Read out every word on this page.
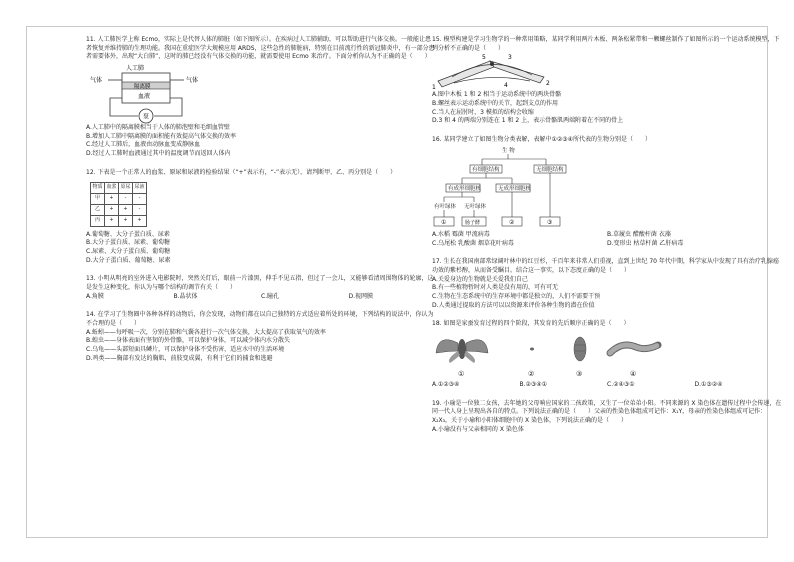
11. 人工肺医学上称 Ecmo，实际上是代替人体的肺脏（如下图所示）。在疾病过人工肺辅助，可以帮助进行气体交换。一般能让患者恢复并维持肺的生理功能。我国在重症医学大规模应用 ARDS，这些急性的肺脏病，特别在目前流行性的新冠肺炎中，有一部分患者需要体外，出现“大白肺”，这时的肺已经没有气体交换的功能，就需要使用 Ecmo 来治疗。下面分析你认为不正确的是（　　）

人工肺
气体	气体
隔离膜
血液
泵

A.人工肺中的隔离膜相当于人体的肺泡壁和毛细血管壁

B.增加人工肺中隔离膜的面积能有效提高气体交换的效率

C.经过人工肺后，血液由动脉血变成静脉血

D.经过人工肺时血液通过其中的温度调节而返回人体内

12. 下表是一个正常人的血浆、原尿和尿液的检验结果（“+”表示有，“-”表示无），请判断甲、乙、丙分别是（　　）

物质	血浆	原尿	尿液
甲	+	-	-
乙	+	+	-
丙	+	+	+

A.葡萄糖、大分子蛋白质、尿素

B.大分子蛋白质、尿素、葡萄糖

C.尿素、大分子蛋白质、葡萄糖

D.大分子蛋白质、葡萄糖、尿素

13. 小明从明亮的室外进入电影院时，突然关灯后，眼前一片漆黑，伸手不见五指，但过了一会儿，又能够看清周围物体的轮廓，这是发生这种变化，你认为与哪个结构的调节有关（　　）

A.角膜	B.晶状体	C.瞳孔	D.视网膜

14. 在学习了生物圈中各种各样的动物后，你会发现，动物们都在以自己独特的方式适应着所处的环境，下列结构的说法中，你认为不合理的是（　　）

A.蚯蚓——每呼吸一次，分别在肺和气囊各进行一次气体交换，大大提高了获取氧气的效率

B.蝗虫——身体表面有坚韧的外骨骼，可以保护身体，可以减少体内水分散失

C.乌龟——头部短面具鳞片，可以保护身体不受伤害，适应水中的生活环境

D.鸡类——胸部有发达的胸肌，前肢变成翼，有利于它们的捕食和逃避

15. 模型构建是学习生物学的一种常用策略，某同学利用两片木板、两条松紧带和一颗螺丝制作了如图所示的一个运动系统模型，下列分析不正确的是（　　）

1
2
3
4
5

A.图中木板 1 和 2 相当于运动系统中的两块骨骼

B.螺丝表示运动系统中的关节，起到支点的作用

C.当人在屈肘时，3 模拟的结构会收缩

D.3 和 4 的两端分别连在 1 和 2 上，表示骨骼肌两端附着在不同的骨上

16. 某同学建立了如图生物分类表解，表解中①②③④所代表的生物分别是（　　）

生 物
有细胞结构	无细胞结构
有成形细胞核	无成形细胞核
有叶绿体 无叶绿体
①	肠子酵	②	③
A.水稻 霉菌 甲流病毒	B.草履虫 醋酸杆菌 衣藻
C.乌尾松 乳酸菌 烟草花叶病毒	D.变形虫 枯草杆菌 乙肝病毒

17. 生长在我国南部常绿阔叶林中的红豆杉，千百年来非常人们重视，直到上世纪 70 年代中期，科学家从中发现了具有治疗乳腺癌功效的紫杉醇，从而备受瞩目。结合这一事实，以下态度正确的是（　　）

A.关爱身边的生物就是关爱我们自己

B.有一些植物暂时对人类是没有用的，可有可无

C.生物在生态系统中的生存环境中都是独立的，人们不需要干预

D.人类通过提取的方法可以以资源来评价各种生物的潜在价值

18. 如图是家蚕发育过程的四个阶段，其发育的先后顺序正确的是（　　）

①	②	③	④
A.①②③④	B.②③④①	C.②④③①	D.①③②④

19. 小瑜是一位独二女孩，去年她的父母响应国家的二孩政策，又生了一位弟弟小阳。不同来源的 X 染色体在遗传过程中会传递，在同一代人身上呈现出各自的特点。下列说法正确的是（　　）父亲的性染色体组成可记作：X₁Y，母亲的性染色体组成可记作：X₂X₃，关于小瑜和小阳体细胞中的 X 染色体，下列说法正确的是（　　）

A.小瑜没有与父亲相同的 X 染色体
